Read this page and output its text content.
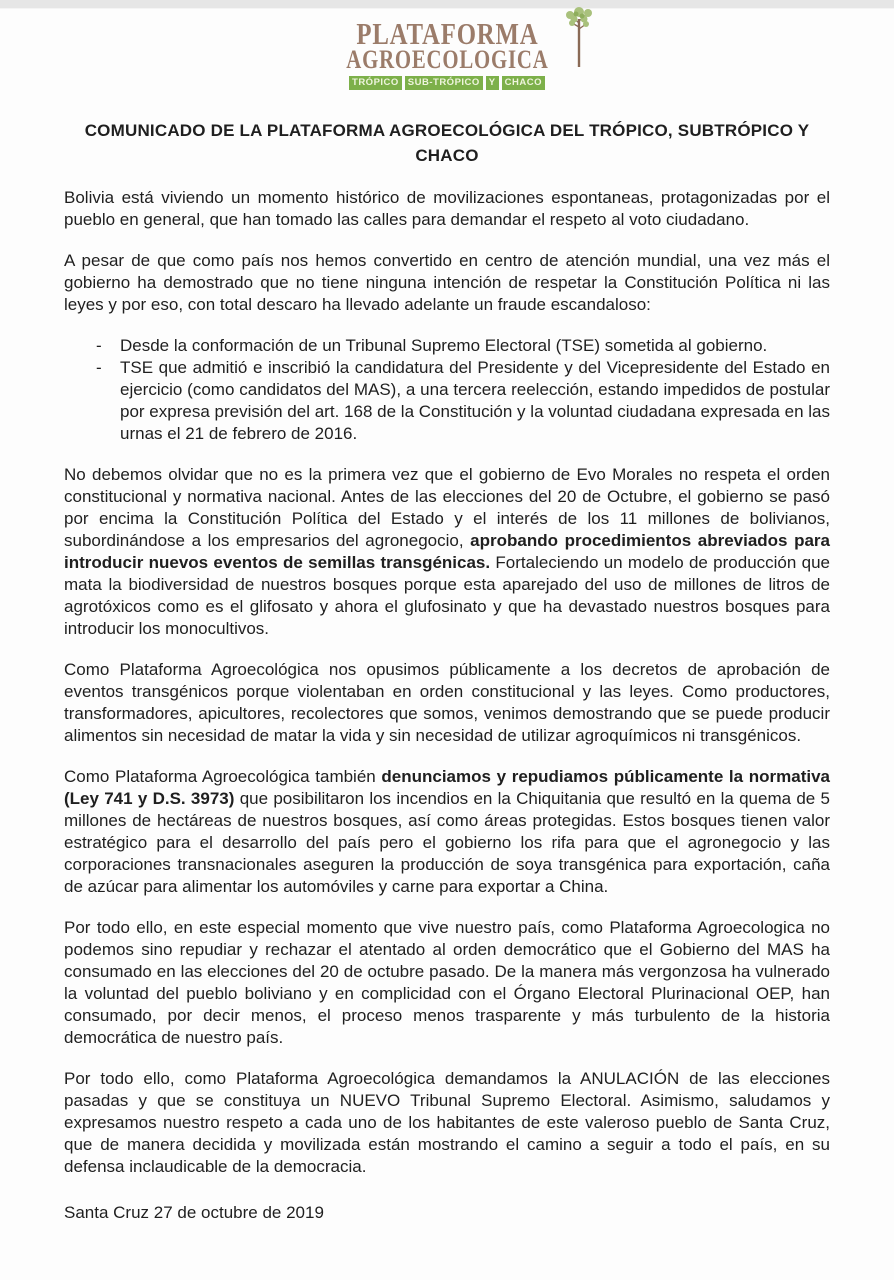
PLATAFORMA
AGROECOLOGICA
TRÓPICO SUB-TRÓPICO Y CHACO
COMUNICADO DE LA PLATAFORMA AGROECOLÓGICA DEL TRÓPICO, SUBTRÓPICO Y CHACO

Bolivia está viviendo un momento histórico de movilizaciones espontaneas, protagonizadas por el pueblo en general, que han tomado las calles para demandar el respeto al voto ciudadano.

A pesar de que como país nos hemos convertido en centro de atención mundial, una vez más el gobierno ha demostrado que no tiene ninguna intención de respetar la Constitución Política ni las leyes y por eso, con total descaro ha llevado adelante un fraude escandaloso:

- Desde la conformación de un Tribunal Supremo Electoral (TSE) sometida al gobierno.
- TSE que admitió e inscribió la candidatura del Presidente y del Vicepresidente del Estado en ejercicio (como candidatos del MAS), a una tercera reelección, estando impedidos de postular por expresa previsión del art. 168 de la Constitución y la voluntad ciudadana expresada en las urnas el 21 de febrero de 2016.

No debemos olvidar que no es la primera vez que el gobierno de Evo Morales no respeta el orden constitucional y normativa nacional. Antes de las elecciones del 20 de Octubre, el gobierno se pasó por encima la Constitución Política del Estado y el interés de los 11 millones de bolivianos, subordinándose a los empresarios del agronegocio, aprobando procedimientos abreviados para introducir nuevos eventos de semillas transgénicas. Fortaleciendo un modelo de producción que mata la biodiversidad de nuestros bosques porque esta aparejado del uso de millones de litros de agrotóxicos como es el glifosato y ahora el glufosinato y que ha devastado nuestros bosques para introducir los monocultivos.

Como Plataforma Agroecológica nos opusimos públicamente a los decretos de aprobación de eventos transgénicos porque violentaban en orden constitucional y las leyes. Como productores, transformadores, apicultores, recolectores que somos, venimos demostrando que se puede producir alimentos sin necesidad de matar la vida y sin necesidad de utilizar agroquímicos ni transgénicos.

Como Plataforma Agroecológica también denunciamos y repudiamos públicamente la normativa (Ley 741 y D.S. 3973) que posibilitaron los incendios en la Chiquitania que resultó en la quema de 5 millones de hectáreas de nuestros bosques, así como áreas protegidas. Estos bosques tienen valor estratégico para el desarrollo del país pero el gobierno los rifa para que el agronegocio y las corporaciones transnacionales aseguren la producción de soya transgénica para exportación, caña de azúcar para alimentar los automóviles y carne para exportar a China.

Por todo ello, en este especial momento que vive nuestro país, como Plataforma Agroecologica no podemos sino repudiar y rechazar el atentado al orden democrático que el Gobierno del MAS ha consumado en las elecciones del 20 de octubre pasado. De la manera más vergonzosa ha vulnerado la voluntad del pueblo boliviano y en complicidad con el Órgano Electoral Plurinacional OEP, han consumado, por decir menos, el proceso menos trasparente y más turbulento de la historia democrática de nuestro país.

Por todo ello, como Plataforma Agroecológica demandamos la ANULACIÓN de las elecciones pasadas y que se constituya un NUEVO Tribunal Supremo Electoral. Asimismo, saludamos y expresamos nuestro respeto a cada uno de los habitantes de este valeroso pueblo de Santa Cruz, que de manera decidida y movilizada están mostrando el camino a seguir a todo el país, en su defensa inclaudicable de la democracia.

Santa Cruz 27 de octubre de 2019
